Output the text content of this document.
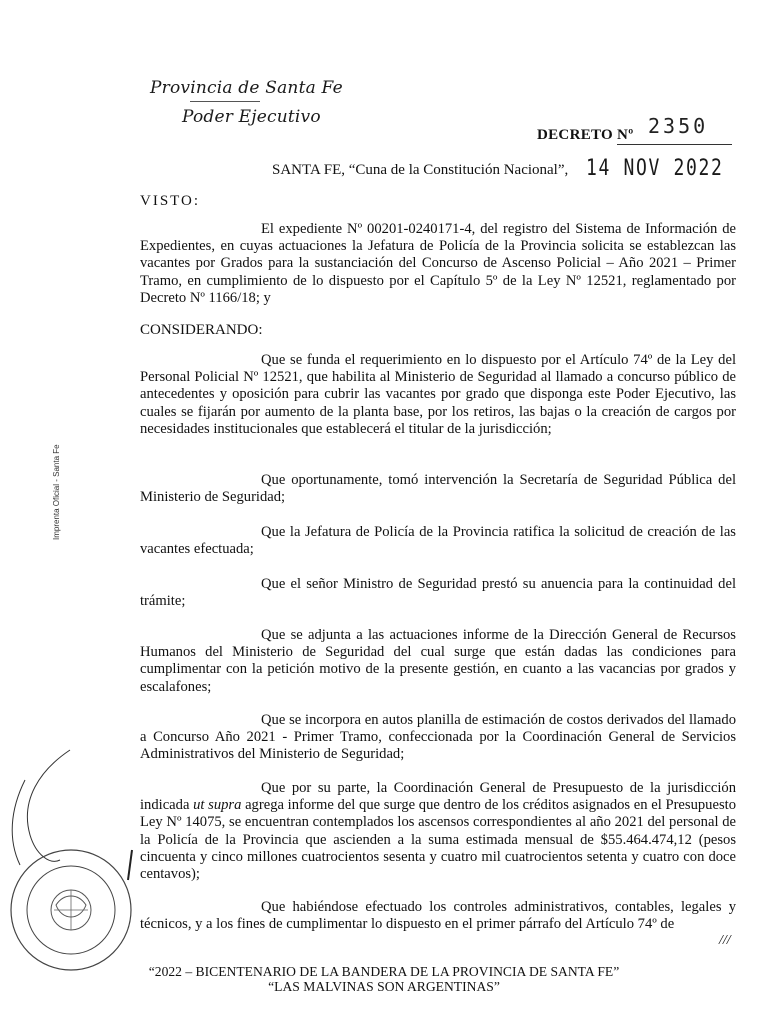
Provincia de Santa Fe
Poder Ejecutivo
DECRETO Nº 2350
SANTA FE, “Cuna de la Constitución Nacional”, 14 NOV 2022
VISTO:
El expediente Nº 00201-0240171-4, del registro del Sistema de Información de Expedientes, en cuyas actuaciones la Jefatura de Policía de la Provincia solicita se establezcan las vacantes por Grados para la sustanciación del Concurso de Ascenso Policial – Año 2021 – Primer Tramo, en cumplimiento de lo dispuesto por el Capítulo 5º de la Ley Nº 12521, reglamentado por Decreto Nº 1166/18; y
CONSIDERANDO:
Que se funda el requerimiento en lo dispuesto por el Artículo 74º de la Ley del Personal Policial Nº 12521, que habilita al Ministerio de Seguridad al llamado a concurso público de antecedentes y oposición para cubrir las vacantes por grado que disponga este Poder Ejecutivo, las cuales se fijarán por aumento de la planta base, por los retiros, las bajas o la creación de cargos por necesidades institucionales que establecerá el titular de la jurisdicción;
Que oportunamente, tomó intervención la Secretaría de Seguridad Pública del Ministerio de Seguridad;
Que la Jefatura de Policía de la Provincia ratifica la solicitud de creación de las vacantes efectuada;
Que el señor Ministro de Seguridad prestó su anuencia para la continuidad del trámite;
Que se adjunta a las actuaciones informe de la Dirección General de Recursos Humanos del Ministerio de Seguridad del cual surge que están dadas las condiciones para cumplimentar con la petición motivo de la presente gestión, en cuanto a las vacancias por grados y escalafones;
Que se incorpora en autos planilla de estimación de costos derivados del llamado a Concurso Año 2021 - Primer Tramo, confeccionada por la Coordinación General de Servicios Administrativos del Ministerio de Seguridad;
Que por su parte, la Coordinación General de Presupuesto de la jurisdicción indicada ut supra agrega informe del que surge que dentro de los créditos asignados en el Presupuesto Ley Nº 14075, se encuentran contemplados los ascensos correspondientes al año 2021 del personal de la Policía de la Provincia que ascienden a la suma estimada mensual de $55.464.474,12 (pesos cincuenta y cinco millones cuatrocientos sesenta y cuatro mil cuatrocientos setenta y cuatro con doce centavos);
Que habiéndose efectuado los controles administrativos, contables, legales y técnicos, y a los fines de cumplimentar lo dispuesto en el primer párrafo del Artículo 74º de
///
“2022 – BICENTENARIO DE LA BANDERA DE LA PROVINCIA DE SANTA FE”
“LAS MALVINAS SON ARGENTINAS”
Imprenta Oficial - Santa Fe
